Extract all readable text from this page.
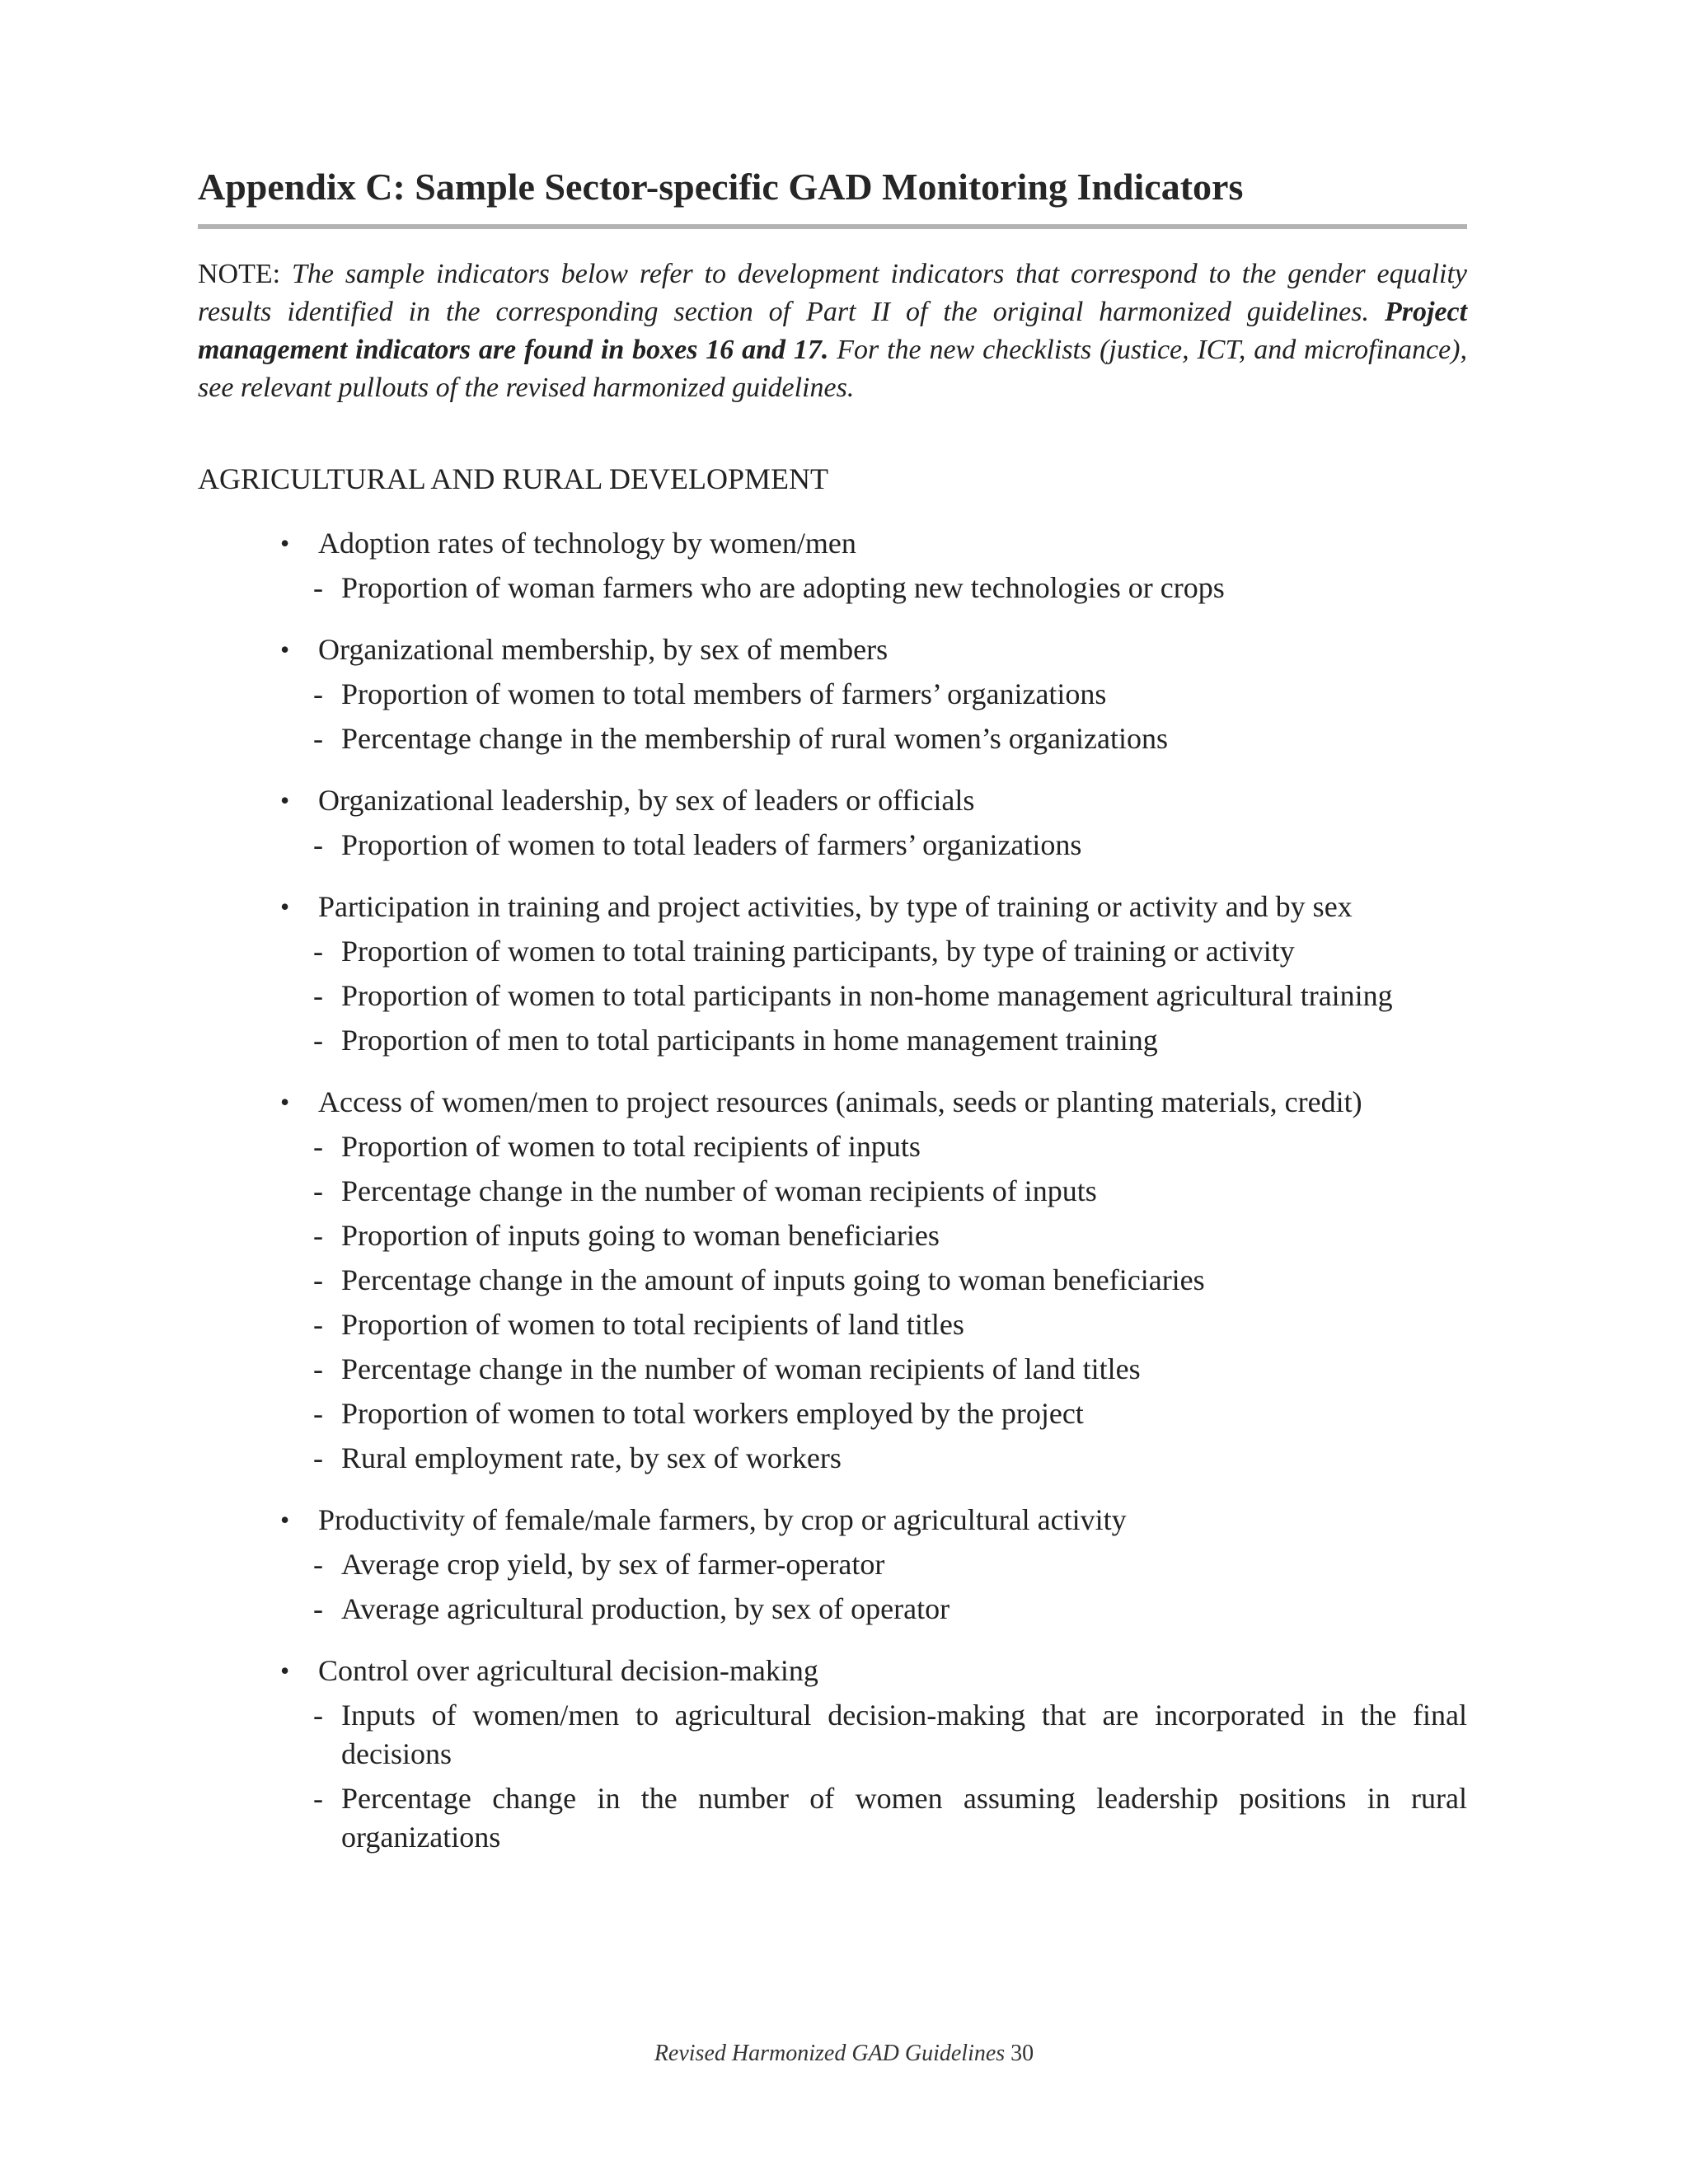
Appendix C: Sample Sector-specific GAD Monitoring Indicators

NOTE: The sample indicators below refer to development indicators that correspond to the gender equality results identified in the corresponding section of Part II of the original harmonized guidelines. Project management indicators are found in boxes 16 and 17. For the new checklists (justice, ICT, and microfinance), see relevant pullouts of the revised harmonized guidelines.

AGRICULTURAL AND RURAL DEVELOPMENT

• Adoption rates of technology by women/men
- Proportion of woman farmers who are adopting new technologies or crops
• Organizational membership, by sex of members
- Proportion of women to total members of farmers’ organizations
- Percentage change in the membership of rural women’s organizations
• Organizational leadership, by sex of leaders or officials
- Proportion of women to total leaders of farmers’ organizations
• Participation in training and project activities, by type of training or activity and by sex
- Proportion of women to total training participants, by type of training or activity
- Proportion of women to total participants in non-home management agricultural training
- Proportion of men to total participants in home management training
• Access of women/men to project resources (animals, seeds or planting materials, credit)
- Proportion of women to total recipients of inputs
- Percentage change in the number of woman recipients of inputs
- Proportion of inputs going to woman beneficiaries
- Percentage change in the amount of inputs going to woman beneficiaries
- Proportion of women to total recipients of land titles
- Percentage change in the number of woman recipients of land titles
- Proportion of women to total workers employed by the project
- Rural employment rate, by sex of workers
• Productivity of female/male farmers, by crop or agricultural activity
- Average crop yield, by sex of farmer-operator
- Average agricultural production, by sex of operator
• Control over agricultural decision-making
- Inputs of women/men to agricultural decision-making that are incorporated in the final decisions
- Percentage change in the number of women assuming leadership positions in rural organizations

Revised Harmonized GAD Guidelines 30
